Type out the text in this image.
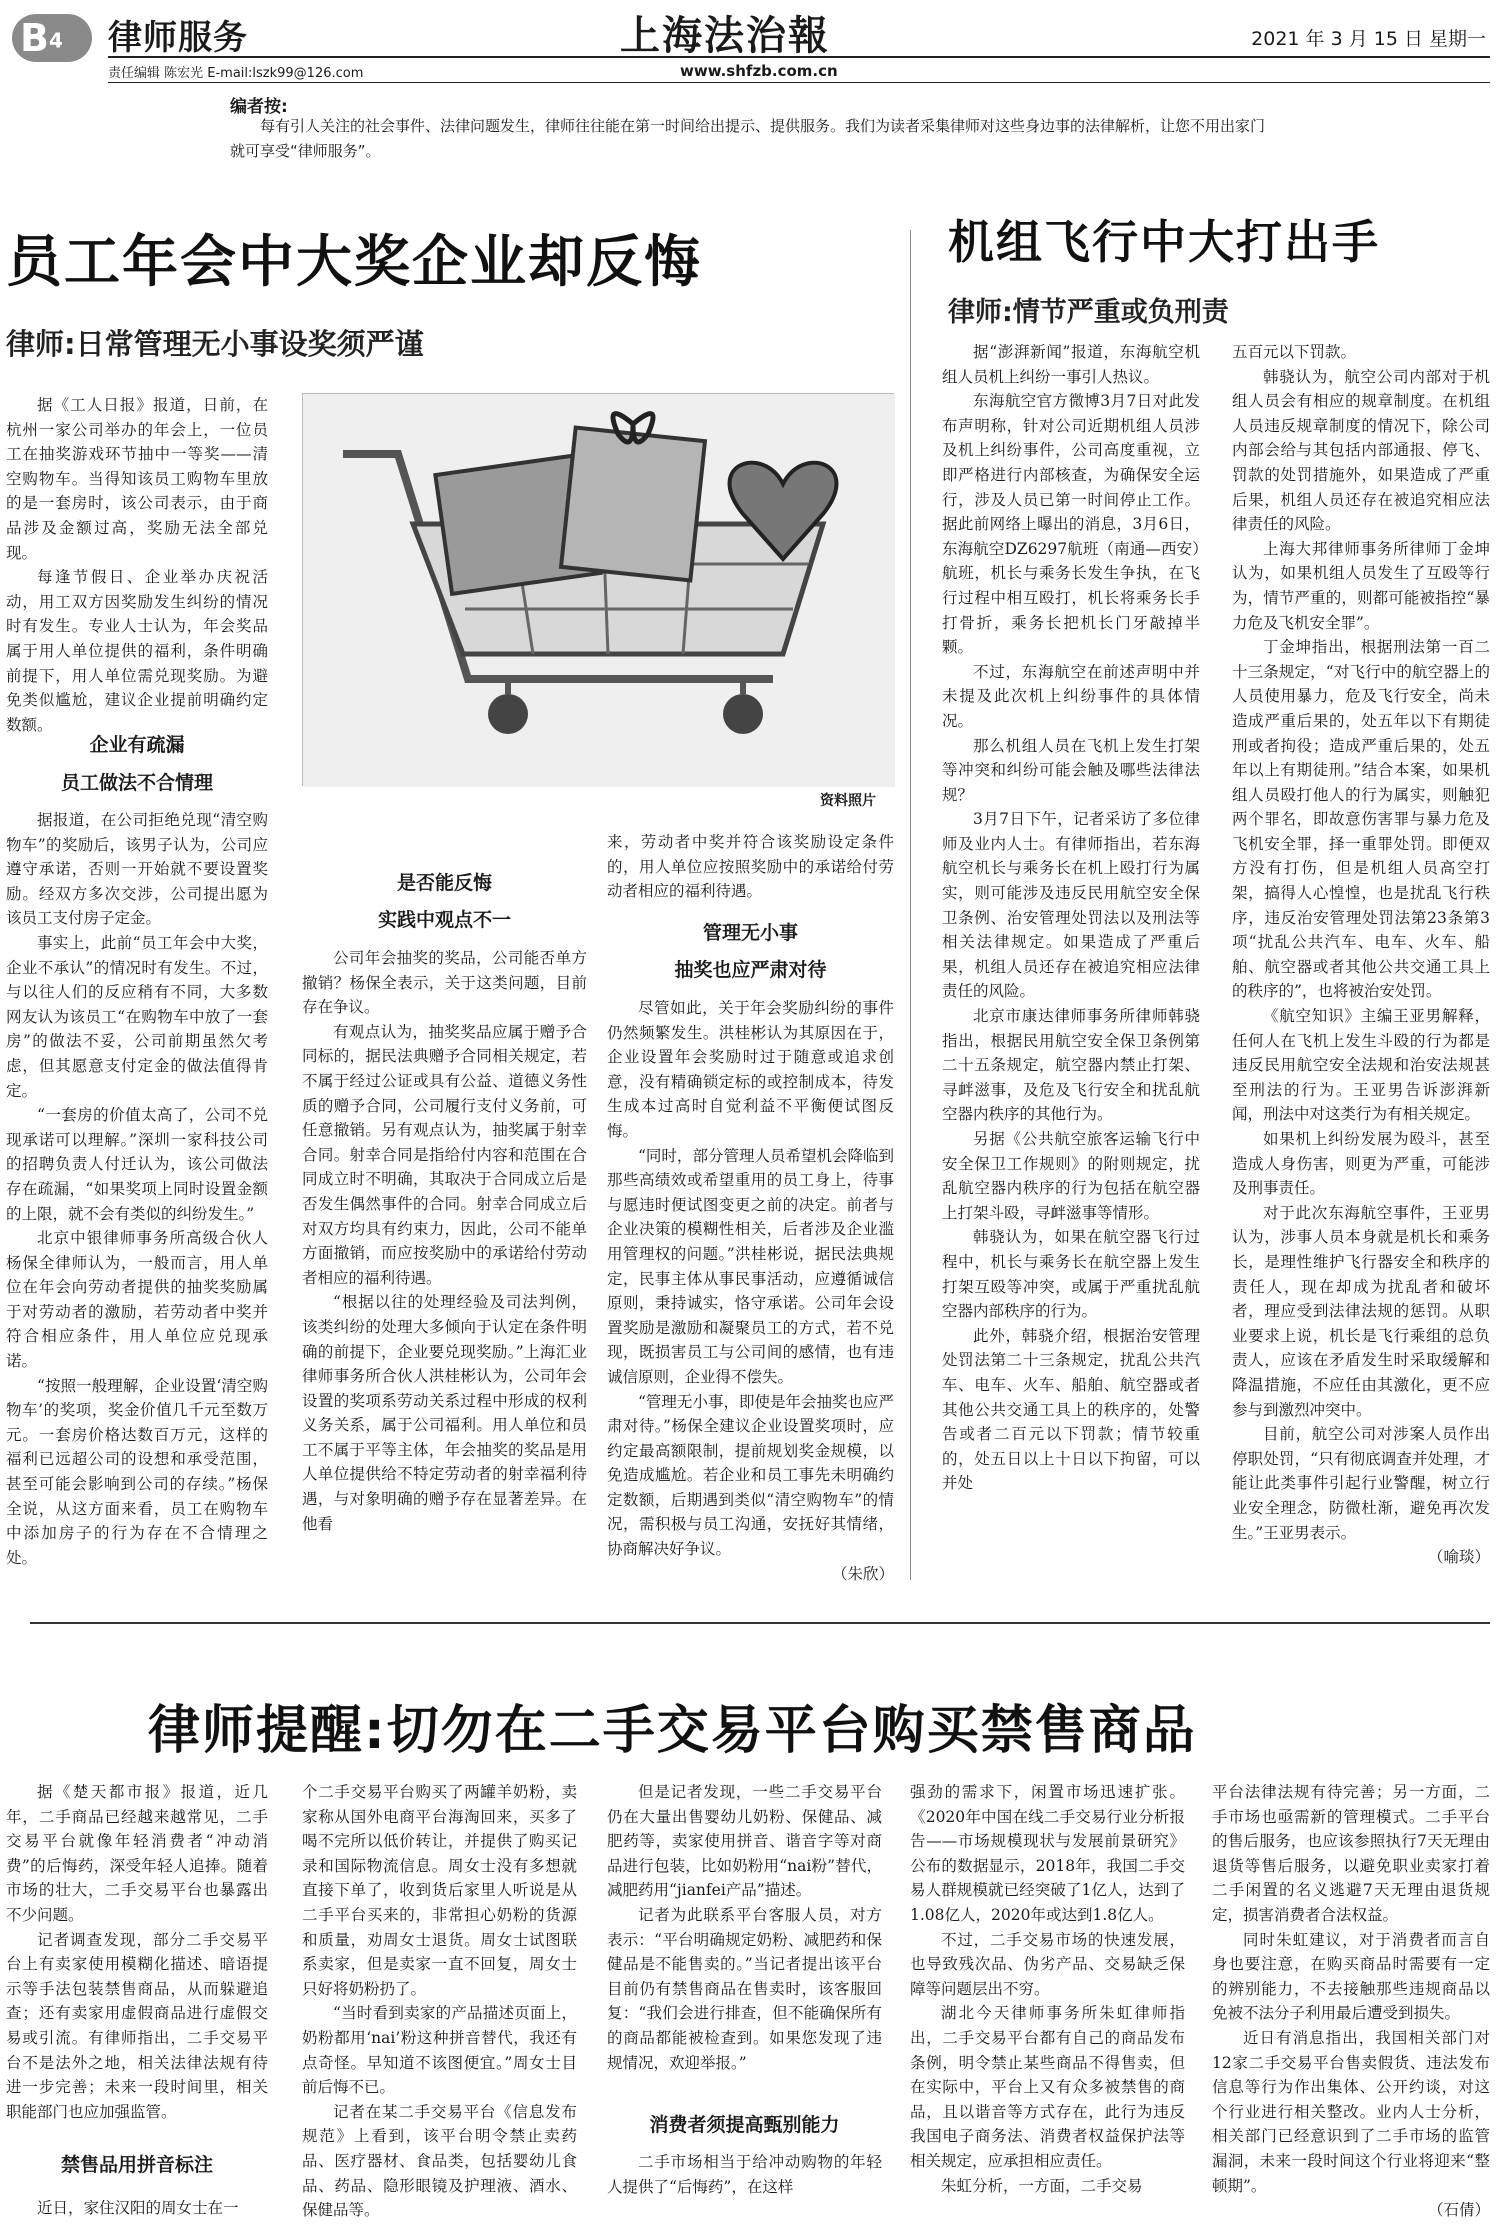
B4	律师服务	上海法治報	2021 年 3 月 15 日 星期一
责任编辑 陈宏光 E-mail:lszk99@126.com	www.shfzb.com.cn
编者按:
每有引人关注的社会事件、法律问题发生，律师往往能在第一时间给出提示、提供服务。我们为读者采集律师对这些身边事的法律解析，让您不用出家门就可享受“律师服务”。
员工年会中大奖企业却反悔
律师:日常管理无小事设奖须严谨

据《工人日报》报道，日前，在杭州一家公司举办的年会上，一位员工在抽奖游戏环节抽中一等奖——清空购物车。当得知该员工购物车里放的是一套房时，该公司表示，由于商品涉及金额过高，奖励无法全部兑现。

每逢节假日、企业举办庆祝活动，用工双方因奖励发生纠纷的情况时有发生。专业人士认为，年会奖品属于用人单位提供的福利，条件明确前提下，用人单位需兑现奖励。为避免类似尴尬，建议企业提前明确约定数额。

企业有疏漏
员工做法不合情理

据报道，在公司拒绝兑现“清空购物车”的奖励后，该男子认为，公司应遵守承诺，否则一开始就不要设置奖励。经双方多次交涉，公司提出愿为该员工支付房子定金。

事实上，此前“员工年会中大奖，企业不承认”的情况时有发生。不过，与以往人们的反应稍有不同，大多数网友认为该员工“在购物车中放了一套房”的做法不妥，公司前期虽然欠考虑，但其愿意支付定金的做法值得肯定。

“一套房的价值太高了，公司不兑现承诺可以理解。”深圳一家科技公司的招聘负责人付迁认为，该公司做法存在疏漏，“如果奖项上同时设置金额的上限，就不会有类似的纠纷发生。”

北京中银律师事务所高级合伙人杨保全律师认为，一般而言，用人单位在年会向劳动者提供的抽奖奖励属于对劳动者的激励，若劳动者中奖并符合相应条件，用人单位应兑现承诺。

“按照一般理解，企业设置‘清空购物车’的奖项，奖金价值几千元至数万元。一套房价格达数百万元，这样的福利已远超公司的设想和承受范围，甚至可能会影响到公司的存续。”杨保全说，从这方面来看，员工在购物车中添加房子的行为存在不合情理之处。

资料照片
是否能反悔
实践中观点不一

公司年会抽奖的奖品，公司能否单方撤销？杨保全表示，关于这类问题，目前存在争议。

有观点认为，抽奖奖品应属于赠予合同标的，据民法典赠予合同相关规定，若不属于经过公证或具有公益、道德义务性质的赠予合同，公司履行支付义务前，可任意撤销。另有观点认为，抽奖属于射幸合同。射幸合同是指给付内容和范围在合同成立时不明确，其取决于合同成立后是否发生偶然事件的合同。射幸合同成立后对双方均具有约束力，因此，公司不能单方面撤销，而应按奖励中的承诺给付劳动者相应的福利待遇。

“根据以往的处理经验及司法判例，该类纠纷的处理大多倾向于认定在条件明确的前提下，企业要兑现奖励。”上海汇业律师事务所合伙人洪桂彬认为，公司年会设置的奖项系劳动关系过程中形成的权利义务关系，属于公司福利。用人单位和员工不属于平等主体，年会抽奖的奖品是用人单位提供给不特定劳动者的射幸福利待遇，与对象明确的赠予存在显著差异。在他看

来，劳动者中奖并符合该奖励设定条件的，用人单位应按照奖励中的承诺给付劳动者相应的福利待遇。

管理无小事
抽奖也应严肃对待

尽管如此，关于年会奖励纠纷的事件仍然频繁发生。洪桂彬认为其原因在于，企业设置年会奖励时过于随意或追求创意，没有精确锁定标的或控制成本，待发生成本过高时自觉利益不平衡便试图反悔。

“同时，部分管理人员希望机会降临到那些高绩效或希望重用的员工身上，待事与愿违时便试图变更之前的决定。前者与企业决策的模糊性相关，后者涉及企业滥用管理权的问题。”洪桂彬说，据民法典规定，民事主体从事民事活动，应遵循诚信原则，秉持诚实，恪守承诺。公司年会设置奖励是激励和凝聚员工的方式，若不兑现，既损害员工与公司间的感情，也有违诚信原则，企业得不偿失。

“管理无小事，即使是年会抽奖也应严肃对待。”杨保全建议企业设置奖项时，应约定最高额限制，提前规划奖金规模，以免造成尴尬。若企业和员工事先未明确约定数额，后期遇到类似“清空购物车”的情况，需积极与员工沟通，安抚好其情绪，协商解决好争议。

（朱欣）

机组飞行中大打出手
律师:情节严重或负刑责

据“澎湃新闻”报道，东海航空机组人员机上纠纷一事引人热议。

东海航空官方微博3月7日对此发布声明称，针对公司近期机组人员涉及机上纠纷事件，公司高度重视，立即严格进行内部核查，为确保安全运行，涉及人员已第一时间停止工作。据此前网络上曝出的消息，3月6日，东海航空DZ6297航班（南通—西安）航班，机长与乘务长发生争执，在飞行过程中相互殴打，机长将乘务长手打骨折，乘务长把机长门牙敲掉半颗。

不过，东海航空在前述声明中并未提及此次机上纠纷事件的具体情况。

那么机组人员在飞机上发生打架等冲突和纠纷可能会触及哪些法律法规？

3月7日下午，记者采访了多位律师及业内人士。有律师指出，若东海航空机长与乘务长在机上殴打行为属实，则可能涉及违反民用航空安全保卫条例、治安管理处罚法以及刑法等相关法律规定。如果造成了严重后果，机组人员还存在被追究相应法律责任的风险。

北京市康达律师事务所律师韩骁指出，根据民用航空安全保卫条例第二十五条规定，航空器内禁止打架、寻衅滋事，及危及飞行安全和扰乱航空器内秩序的其他行为。

另据《公共航空旅客运输飞行中安全保卫工作规则》的附则规定，扰乱航空器内秩序的行为包括在航空器上打架斗殴，寻衅滋事等情形。

韩骁认为，如果在航空器飞行过程中，机长与乘务长在航空器上发生打架互殴等冲突，或属于严重扰乱航空器内部秩序的行为。

此外，韩骁介绍，根据治安管理处罚法第二十三条规定，扰乱公共汽车、电车、火车、船舶、航空器或者其他公共交通工具上的秩序的，处警告或者二百元以下罚款；情节较重的，处五日以上十日以下拘留，可以并处

五百元以下罚款。

韩骁认为，航空公司内部对于机组人员会有相应的规章制度。在机组人员违反规章制度的情况下，除公司内部会给与其包括内部通报、停飞、罚款的处罚措施外，如果造成了严重后果，机组人员还存在被追究相应法律责任的风险。

上海大邦律师事务所律师丁金坤认为，如果机组人员发生了互殴等行为，情节严重的，则都可能被指控“暴力危及飞机安全罪”。

丁金坤指出，根据刑法第一百二十三条规定，“对飞行中的航空器上的人员使用暴力，危及飞行安全，尚未造成严重后果的，处五年以下有期徒刑或者拘役；造成严重后果的，处五年以上有期徒刑。”结合本案，如果机组人员殴打他人的行为属实，则触犯两个罪名，即故意伤害罪与暴力危及飞机安全罪，择一重罪处罚。即便双方没有打伤，但是机组人员高空打架，搞得人心惶惶，也是扰乱飞行秩序，违反治安管理处罚法第23条第3项“扰乱公共汽车、电车、火车、船舶、航空器或者其他公共交通工具上的秩序的”，也将被治安处罚。

《航空知识》主编王亚男解释，任何人在飞机上发生斗殴的行为都是违反民用航空安全法规和治安法规甚至刑法的行为。王亚男告诉澎湃新闻，刑法中对这类行为有相关规定。

如果机上纠纷发展为殴斗，甚至造成人身伤害，则更为严重，可能涉及刑事责任。

对于此次东海航空事件，王亚男认为，涉事人员本身就是机长和乘务长，是理性维护飞行器安全和秩序的责任人，现在却成为扰乱者和破坏者，理应受到法律法规的惩罚。从职业要求上说，机长是飞行乘组的总负责人，应该在矛盾发生时采取缓解和降温措施，不应任由其激化，更不应参与到激烈冲突中。

目前，航空公司对涉案人员作出停职处罚，“只有彻底调查并处理，才能让此类事件引起行业警醒，树立行业安全理念，防微杜渐，避免再次发生。”王亚男表示。

（喻琰）

律师提醒:切勿在二手交易平台购买禁售商品

据《楚天都市报》报道，近几年，二手商品已经越来越常见，二手交易平台就像年轻消费者“冲动消费”的后悔药，深受年轻人追捧。随着市场的壮大，二手交易平台也暴露出不少问题。

记者调查发现，部分二手交易平台上有卖家使用模糊化描述、暗语提示等手法包装禁售商品，从而躲避追查；还有卖家用虚假商品进行虚假交易或引流。有律师指出，二手交易平台不是法外之地，相关法律法规有待进一步完善；未来一段时间里，相关职能部门也应加强监管。

禁售品用拼音标注

近日，家住汉阳的周女士在一

个二手交易平台购买了两罐羊奶粉，卖家称从国外电商平台海淘回来，买多了喝不完所以低价转让，并提供了购买记录和国际物流信息。周女士没有多想就直接下单了，收到货后家里人听说是从二手平台买来的，非常担心奶粉的货源和质量，劝周女士退货。周女士试图联系卖家，但是卖家一直不回复，周女士只好将奶粉扔了。

“当时看到卖家的产品描述页面上，奶粉都用‘nai’粉这种拼音替代，我还有点奇怪。早知道不该图便宜。”周女士目前后悔不已。

记者在某二手交易平台《信息发布规范》上看到，该平台明令禁止卖药品、医疗器材、食品类，包括婴幼儿食品、药品、隐形眼镜及护理液、酒水、保健品等。

但是记者发现，一些二手交易平台仍在大量出售婴幼儿奶粉、保健品、减肥药等，卖家使用拼音、谐音字等对商品进行包装，比如奶粉用“nai粉”替代，减肥药用“jianfei产品”描述。

记者为此联系平台客服人员，对方表示：“平台明确规定奶粉、减肥药和保健品是不能售卖的。”当记者提出该平台目前仍有禁售商品在售卖时，该客服回复：“我们会进行排查，但不能确保所有的商品都能被检查到。如果您发现了违规情况，欢迎举报。”

消费者须提高甄别能力

二手市场相当于给冲动购物的年轻人提供了“后悔药”，在这样

强劲的需求下，闲置市场迅速扩张。《2020年中国在线二手交易行业分析报告——市场规模现状与发展前景研究》公布的数据显示，2018年，我国二手交易人群规模就已经突破了1亿人，达到了1.08亿人，2020年或达到1.8亿人。

不过，二手交易市场的快速发展，也导致残次品、伪劣产品、交易缺乏保障等问题层出不穷。

湖北今天律师事务所朱虹律师指出，二手交易平台都有自己的商品发布条例，明令禁止某些商品不得售卖，但在实际中，平台上又有众多被禁售的商品，且以谐音等方式存在，此行为违反我国电子商务法、消费者权益保护法等相关规定，应承担相应责任。

朱虹分析，一方面，二手交易

平台法律法规有待完善；另一方面，二手市场也亟需新的管理模式。二手平台的售后服务，也应该参照执行7天无理由退货等售后服务，以避免职业卖家打着二手闲置的名义逃避7天无理由退货规定，损害消费者合法权益。

同时朱虹建议，对于消费者而言自身也要注意，在购买商品时需要有一定的辨别能力，不去接触那些违规商品以免被不法分子利用最后遭受到损失。

近日有消息指出，我国相关部门对12家二手交易平台售卖假货、违法发布信息等行为作出集体、公开约谈，对这个行业进行相关整改。业内人士分析，相关部门已经意识到了二手市场的监管漏洞，未来一段时间这个行业将迎来“整顿期”。

（石倩）
